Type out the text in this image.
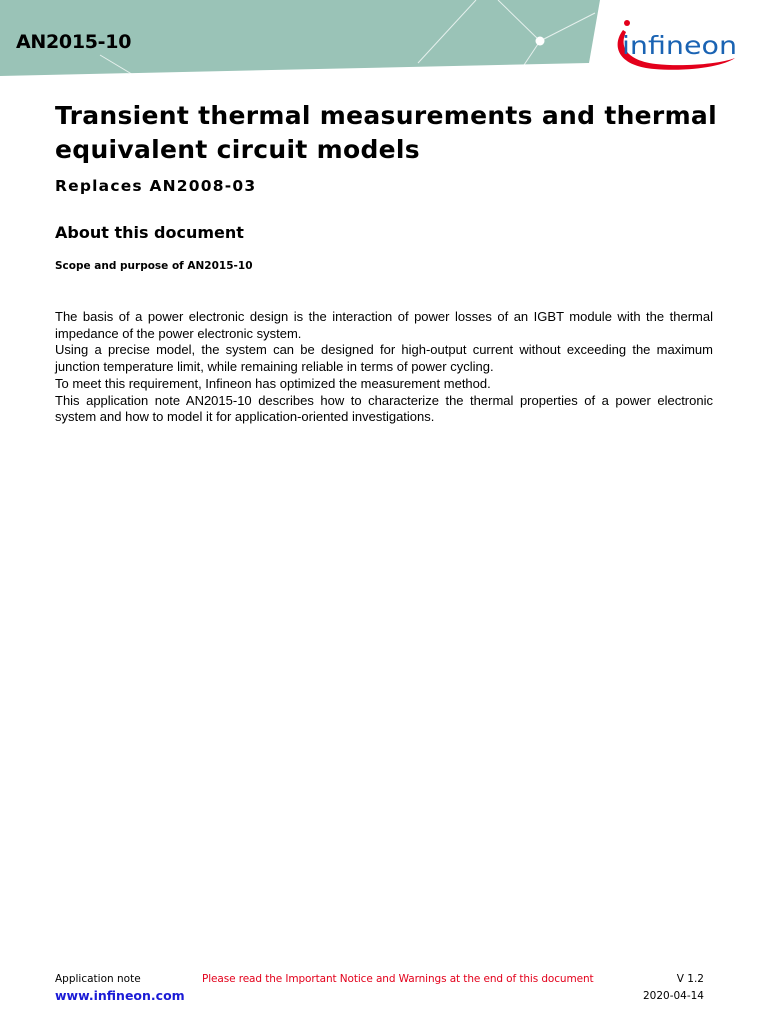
AN2015-10	infineon
Transient thermal measurements and thermal
equivalent circuit models
Replaces AN2008-03
About this document
Scope and purpose of AN2015-10

The basis of a power electronic design is the interaction of power losses of an IGBT module with the thermal impedance of the power electronic system.

Using a precise model, the system can be designed for high-output current without exceeding the maximum junction temperature limit, while remaining reliable in terms of power cycling.

To meet this requirement, Infineon has optimized the measurement method.

This application note AN2015-10 describes how to characterize the thermal properties of a power electronic system and how to model it for application-oriented investigations.

Application note
www.infineon.com
Please read the Important Notice and Warnings at the end of this document	V 1.2
2020-04-14
